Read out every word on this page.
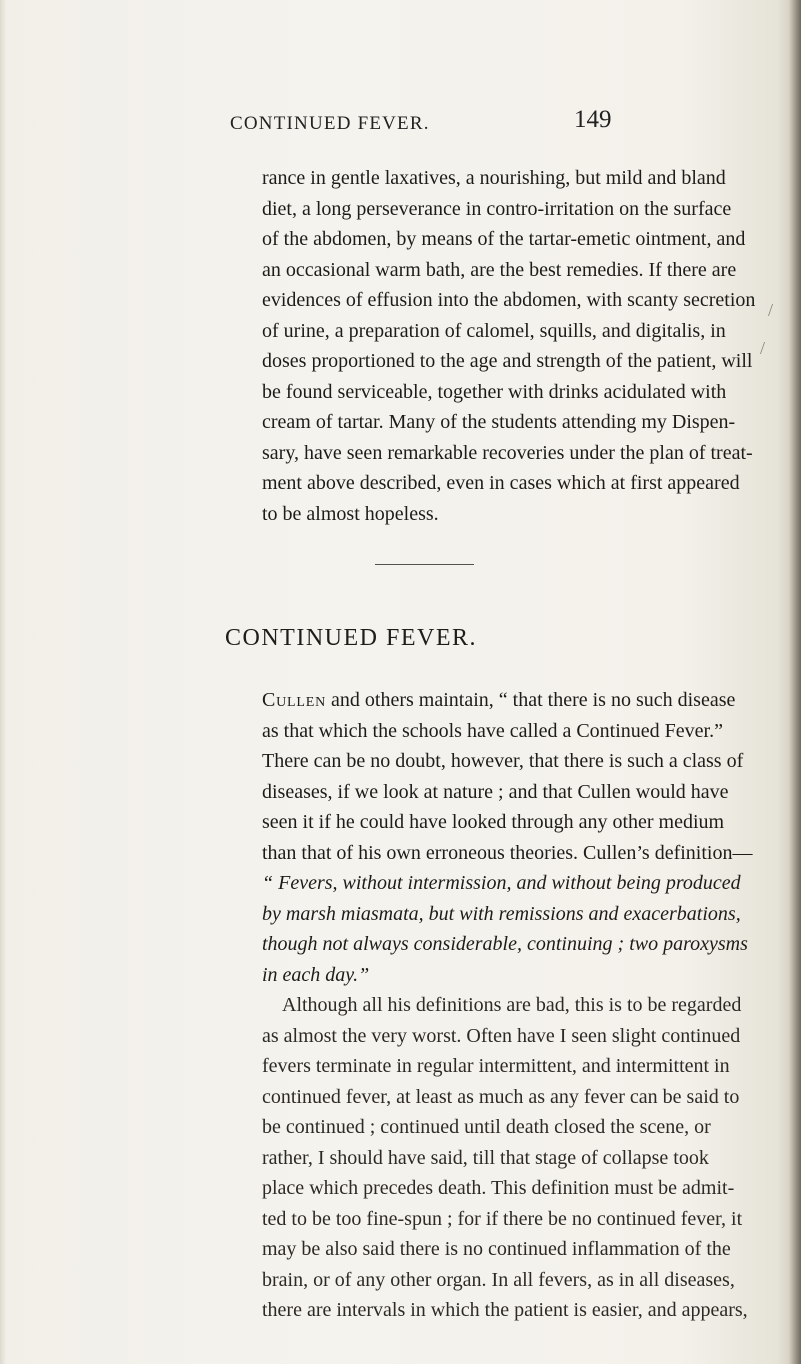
CONTINUED FEVER.	149
rance in gentle laxatives, a nourishing, but mild and bland
diet, a long perseverance in contro-irritation on the surface
of the abdomen, by means of the tartar-emetic ointment, and
an occasional warm bath, are the best remedies. If there are
evidences of effusion into the abdomen, with scanty secretion
of urine, a preparation of calomel, squills, and digitalis, in
doses proportioned to the age and strength of the patient, will
be found serviceable, together with drinks acidulated with
cream of tartar. Many of the students attending my Dispen-
sary, have seen remarkable recoveries under the plan of treat-
ment above described, even in cases which at first appeared
to be almost hopeless.
CONTINUED FEVER.
Cullen and others maintain, “ that there is no such disease
as that which the schools have called a Continued Fever.”
There can be no doubt, however, that there is such a class of
diseases, if we look at nature ; and that Cullen would have
seen it if he could have looked through any other medium
than that of his own erroneous theories. Cullen’s definition—
“ Fevers, without intermission, and without being produced
by marsh miasmata, but with remissions and exacerbations,
though not always considerable, continuing ; two paroxysms
in each day.”
Although all his definitions are bad, this is to be regarded
as almost the very worst. Often have I seen slight continued
fevers terminate in regular intermittent, and intermittent in
continued fever, at least as much as any fever can be said to
be continued ; continued until death closed the scene, or
rather, I should have said, till that stage of collapse took
place which precedes death. This definition must be admit-
ted to be too fine-spun ; for if there be no continued fever, it
may be also said there is no continued inflammation of the
brain, or of any other organ. In all fevers, as in all diseases,
there are intervals in which the patient is easier, and appears,
/
/
